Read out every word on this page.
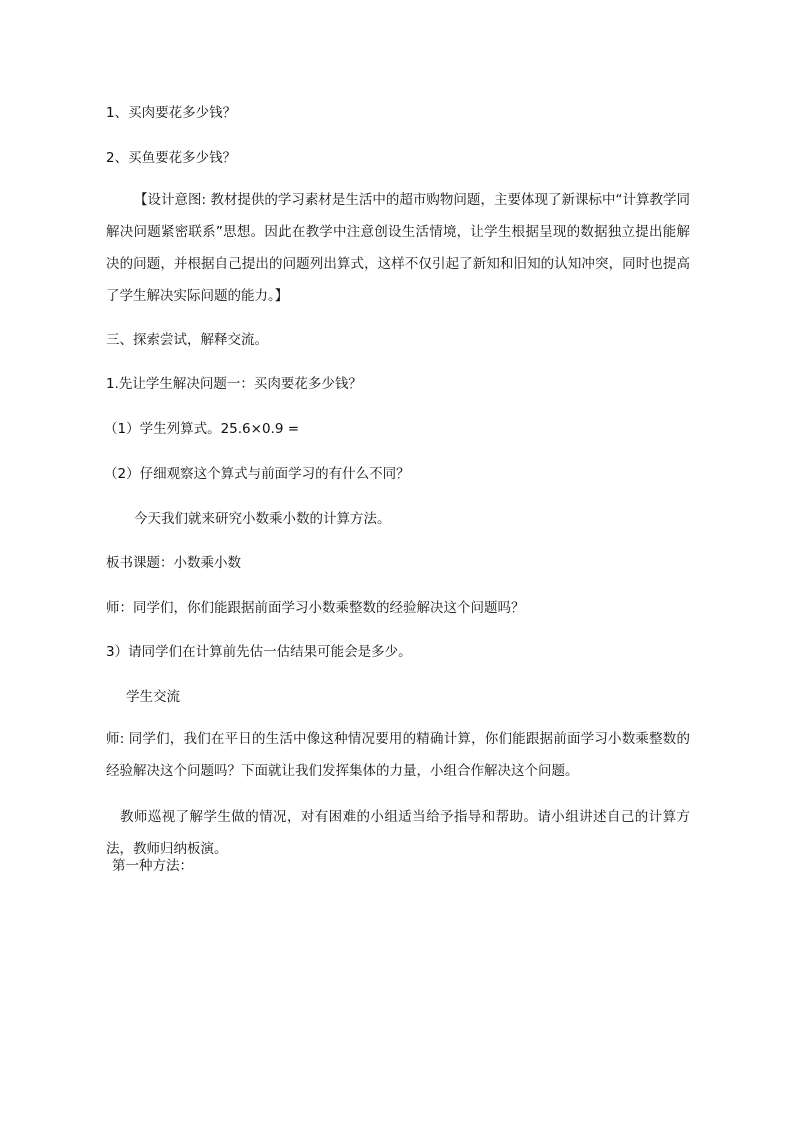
1、买肉要花多少钱？

2、买鱼要花多少钱？

【设计意图: 教材提供的学习素材是生活中的超市购物问题，主要体现了新课标中“计算教学同解决问题紧密联系”思想。因此在教学中注意创设生活情境，让学生根据呈现的数据独立提出能解决的问题，并根据自己提出的问题列出算式，这样不仅引起了新知和旧知的认知冲突，同时也提高了学生解决实际问题的能力。】

三、探索尝试，解释交流。

1.先让学生解决问题一：买肉要花多少钱？

（1）学生列算式。25.6×0.9 =

（2）仔细观察这个算式与前面学习的有什么不同？

今天我们就来研究小数乘小数的计算方法。

板书课题：小数乘小数

师：同学们，你们能跟据前面学习小数乘整数的经验解决这个问题吗？

3）请同学们在计算前先估一估结果可能会是多少。

学生交流

师: 同学们，我们在平日的生活中像这种情况要用的精确计算，你们能跟据前面学习小数乘整数的经验解决这个问题吗？下面就让我们发挥集体的力量，小组合作解决这个问题。

教师巡视了解学生做的情况，对有困难的小组适当给予指导和帮助。请小组讲述自己的计算方法，教师归纳板演。

第一种方法：
